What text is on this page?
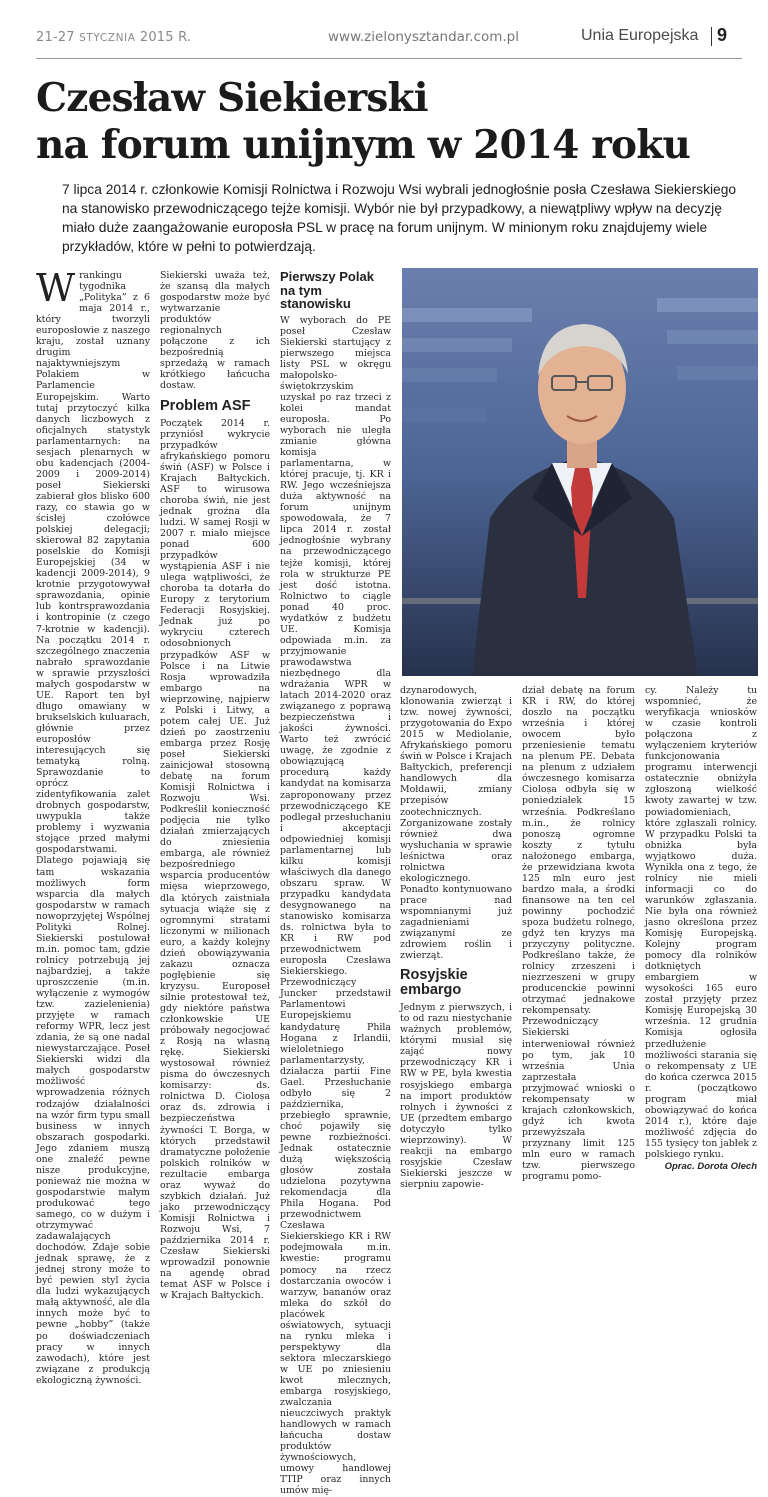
21-27 STYCZNIA 2015 R.	www.zielonysztandar.com.pl	Unia Europejska 9
Czesław Siekierski
na forum unijnym w 2014 roku
7 lipca 2014 r. członkowie Komisji Rolnictwa i Rozwoju Wsi wybrali jednogłośnie posła Czesława Siekierskiego na stanowisko przewodniczącego tejże komisji. Wybór nie był przypadkowy, a niewątpliwy wpływ na decyzję miało duże zaangażowanie europosła PSL w pracę na forum unijnym. W minionym roku znajdujemy wiele przykładów, które w pełni to potwierdzają.
W rankingu tygodnika „Polityka” z 6 maja 2014 r., który tworzyli europosłowie z naszego kraju, został uznany drugim najaktywniejszym Polakiem w Parlamencie Europejskim. Warto tutaj przytoczyć kilka danych liczbowych z oficjalnych statystyk parlamentarnych: na sesjach plenarnych w obu kadencjach (2004-2009 i 2009-2014) poseł Siekierski zabierał głos blisko 600 razy, co stawia go w ścisłej czołówce polskiej delegacji; skierował 82 zapytania poselskie do Komisji Europejskiej (34 w kadencji 2009-2014), 9 krotnie przygotowywał sprawozdania, opinie lub kontrsprawozdania i kontropinie (z czego 7-krotnie w kadencji). Na początku 2014 r. szczególnego znaczenia nabrało sprawozdanie w sprawie przyszłości małych gospodarstw w UE. Raport ten był długo omawiany w brukselskich kuluarach, głównie przez europosłów interesujących się tematyką rolną. Sprawozdanie to oprócz zidentyfikowania zalet drobnych gospodarstw, uwypukla także problemy i wyzwania stojące przed małymi gospodarstwami. Dlatego pojawiają się tam wskazania możliwych form wsparcia dla małych gospodarstw w ramach nowoprzyjętej Wspólnej Polityki Rolnej. Siekierski postulował m.in. pomoc tam, gdzie rolnicy potrzebują jej najbardziej, a także uproszczenie (m.in. wyłączenie z wymogów tzw. zazielenienia) przyjęte w ramach reformy WPR, lecz jest zdania, że są one nadal niewystarczające. Poseł Siekierski widzi dla małych gospodarstw możliwość wprowadzenia różnych rodzajów działalności na wzór firm typu small business w innych obszarach gospodarki. Jego zdaniem muszą one znaleźć pewne nisze produkcyjne, ponieważ nie można w gospodarstwie małym produkować tego samego, co w dużym i otrzymywać zadawalających dochodów. Zdaje sobie jednak sprawę, że z jednej strony może to być pewien styl życia dla ludzi wykazujących małą aktywność, ale dla innych może być to pewne „hobby” (także po doświadczeniach pracy w innych zawodach), które jest związane z produkcją ekologiczną żywności.

Siekierski uważa też, że szansą dla małych gospodarstw może być wytwarzanie produktów regionalnych połączone z ich bezpośrednią sprzedażą w ramach krótkiego łańcucha dostaw.

Problem ASF

Początek 2014 r. przyniósł wykrycie przypadków afrykańskiego pomoru świń (ASF) w Polsce i Krajach Bałtyckich. ASF to wirusowa choroba świń, nie jest jednak groźna dla ludzi. W samej Rosji w 2007 r. miało miejsce ponad 600 przypadków wystąpienia ASF i nie ulega wątpliwości, że choroba ta dotarła do Europy z terytorium Federacji Rosyjskiej. Jednak już po wykryciu czterech odosobnionych przypadków ASF w Polsce i na Litwie Rosja wprowadziła embargo na wieprzowinę, najpierw z Polski i Litwy, a potem całej UE. Już dzień po zaostrzeniu embarga przez Rosję poseł Siekierski zainicjował stosowną debatę na forum Komisji Rolnictwa i Rozwoju Wsi. Podkreślił konieczność podjęcia nie tylko działań zmierzających do zniesienia embarga, ale również bezpośredniego wsparcia producentów mięsa wieprzowego, dla których zaistniała sytuacja wiąże się z ogromnymi stratami liczonymi w milionach euro, a każdy kolejny dzień obowiązywania zakazu oznacza pogłębienie się kryzysu. Europoseł silnie protestował też, gdy niektóre państwa członkowskie UE próbowały negocjować z Rosją na własną rękę. Siekierski wystosował również pisma do ówczesnych komisarzy: ds. rolnictwa D. Cioloșa oraz ds. zdrowia i bezpieczeństwa żywności T. Borga, w których przedstawił dramatyczne położenie polskich rolników w rezultacie embarga oraz wyważ do szybkich działań. Już jako przewodniczący Komisji Rolnictwa i Rozwoju Wsi, 7 października 2014 r. Czesław Siekierski wprowadził ponownie na agendę obrad temat ASF w Polsce i w Krajach Bałtyckich.

Pierwszy Polak na tym stanowisku

W wyborach do PE poseł Czesław Siekierski startujący z pierwszego miejsca listy PSL w okręgu małopolsko-świętokrzyskim uzyskał po raz trzeci z kolei mandat europosła. Po wyborach nie uległa zmianie główna komisja parlamentarna, w której pracuje, tj. KR i RW. Jego wcześniejsza duża aktywność na forum unijnym spowodowała, że 7 lipca 2014 r. został jednogłośnie wybrany na przewodniczącego tejże komisji, której rola w strukturze PE jest dość istotna. Rolnictwo to ciągle ponad 40 proc. wydatków z budżetu UE. Komisja odpowiada m.in. za przyjmowanie prawodawstwa niezbędnego dla wdrażania WPR w latach 2014-2020 oraz związanego z poprawą bezpieczeństwa i jakości żywności. Warto też zwrócić uwagę, że zgodnie z obowiązującą procedurą każdy kandydat na komisarza zaproponowany przez przewodniczącego KE podlegał przesłuchaniu i akceptacji odpowiedniej komisji parlamentarnej lub kilku komisji właściwych dla danego obszaru spraw. W przypadku kandydata desygnowanego na stanowisko komisarza ds. rolnictwa była to KR i RW pod przewodnictwem europosła Czesława Siekierskiego. Przewodniczący Juncker przedstawił Parlamentowi Europejskiemu kandydaturę Phila Hogana z Irlandii, wieloletniego parlamentarzysty, działacza partii Fine Gael. Przesłuchanie odbyło się 2 października, przebiegło sprawnie, choć pojawiły się pewne rozbieżności. Jednak ostatecznie dużą większością głosów została udzielona pozytywna rekomendacja dla Phila Hogana. Pod przewodnictwem Czesława Siekierskiego KR i RW podejmowała m.in. kwestie: programu pomocy na rzecz dostarczania owoców i warzyw, bananów oraz mleka do szkół do placówek oświatowych, sytuacji na rynku mleka i perspektywy dla sektora mleczarskiego w UE po zniesieniu kwot mlecznych, embarga rosyjskiego, zwalczania nieuczciwych praktyk handlowych w ramach łańcucha dostaw produktów żywnościowych, umowy handlowej TTIP oraz innych umów mię-

dzynarodowych, klonowania zwierząt i tzw. nowej żywności, przygotowania do Expo 2015 w Mediolanie, Afrykańskiego pomoru świń w Polsce i Krajach Bałtyckich, preferencji handlowych dla Mołdawii, zmiany przepisów zootechnicznych. Zorganizowane zostały również dwa wysłuchania w sprawie leśnictwa oraz rolnictwa ekologicznego. Ponadto kontynuowano prace nad wspomnianymi już zagadnieniami związanymi ze zdrowiem roślin i zwierząt.

Rosyjskie embargo

Jednym z pierwszych, i to od razu niestychanie ważnych problemów, którymi musiał się zająć nowy przewodniczący KR i RW w PE, była kwestia rosyjskiego embarga na import produktów rolnych i żywności z UE (przedtem embargo dotyczyło tylko wieprzowiny). W reakcji na embargo rosyjskie Czesław Siekierski jeszcze w sierpniu zapowie-

dział debatę na forum KR i RW, do której doszło na początku września i której owocem było przeniesienie tematu na plenum PE. Debata na plenum z udziałem ówczesnego komisarza Cioloșa odbyła się w poniedziałek 15 września. Podkreślano m.in., że rolnicy ponoszą ogromne koszty z tytułu nałożonego embarga, że przewidziana kwota 125 mln euro jest bardzo mała, a środki finansowe na ten cel powinny pochodzić spoza budżetu rolnego, gdyż ten kryzys ma przyczyny polityczne. Podkreślano także, że rolnicy zrzeszeni i niezrzeszeni w grupy producenckie powinni otrzymać jednakowe rekompensaty. Przewodniczący Siekierski interweniował również po tym, jak 10 września Unia zaprzestała przyjmować wnioski o rekompensaty w krajach członkowskich, gdyż ich kwota przewyższała przyznany limit 125 mln euro w ramach tzw. pierwszego programu pomo-

cy. Należy tu wspomnieć, że weryfikacja wniosków w czasie kontroli połączona z wyłączeniem kryteriów funkcjonowania programu interwencji ostatecznie obniżyła zgłoszoną wielkość kwoty zawartej w tzw. powiadomieniach, które zgłaszali rolnicy. W przypadku Polski ta obniżka była wyjątkowo duża. Wynikła ona z tego, że rolnicy nie mieli informacji co do warunków zgłaszania. Nie była ona również jasno określona przez Komisję Europejską. Kolejny program pomocy dla rolników dotkniętych embargiem w wysokości 165 euro został przyjęty przez Komisję Europejską 30 września. 12 grudnia Komisja ogłosiła przedłużenie możliwości starania się o rekompensaty z UE do końca czerwca 2015 r. (początkowo program miał obowiązywać do końca 2014 r.), które daje możliwość zdjęcia do 155 tysięcy ton jabłek z polskiego rynku.

Oprac. Dorota Olech
